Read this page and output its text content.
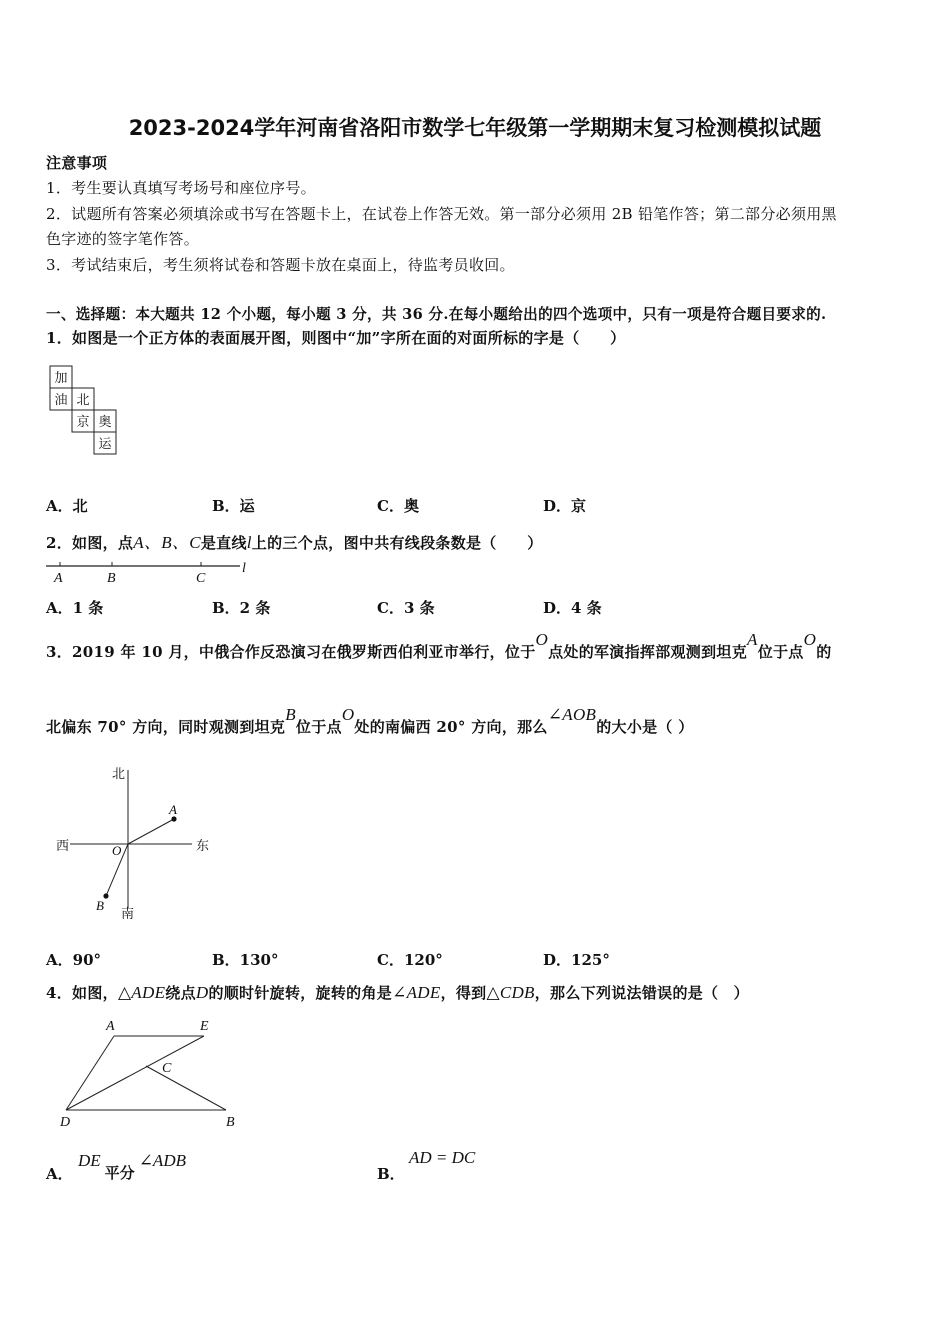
2023-2024学年河南省洛阳市数学七年级第一学期期末复习检测模拟试题
注意事项
1．考生要认真填写考场号和座位序号。
2．试题所有答案必须填涂或书写在答题卡上，在试卷上作答无效。第一部分必须用 2B 铅笔作答；第二部分必须用黑
色字迹的签字笔作答。
3．考试结束后，考生须将试卷和答题卡放在桌面上，待监考员收回。
一、选择题：本大题共 12 个小题，每小题 3 分，共 36 分.在每小题给出的四个选项中，只有一项是符合题目要求的.
1．如图是一个正方体的表面展开图，则图中“加”字所在面的对面所标的字是（　　）
加
油 北
京 奥
运
A．北	B．运	C．奥	D．京
2．如图，点A、B、C是直线l上的三个点，图中共有线段条数是（　　）
A	B	C
l
A．1 条	B．2 条	C．3 条	D．4 条
3．2019 年 10 月，中俄合作反恐演习在俄罗斯西伯利亚市举行，位于O点处的军演指挥部观测到坦克A位于点O的
北偏东 70° 方向，同时观测到坦克B位于点O处的南偏西 20° 方向，那么∠AOB的大小是（ ）
北
南
西	东
A
B
O
A．90°	B．130°	C．120°	D．125°
4．如图，△ADE绕点D的顺时针旋转，旋转的角是∠ADE，得到△CDB，那么下列说法错误的是（　）
A	E
C
D	B
A．
DE平分∠ADB
B．
AD = DC
